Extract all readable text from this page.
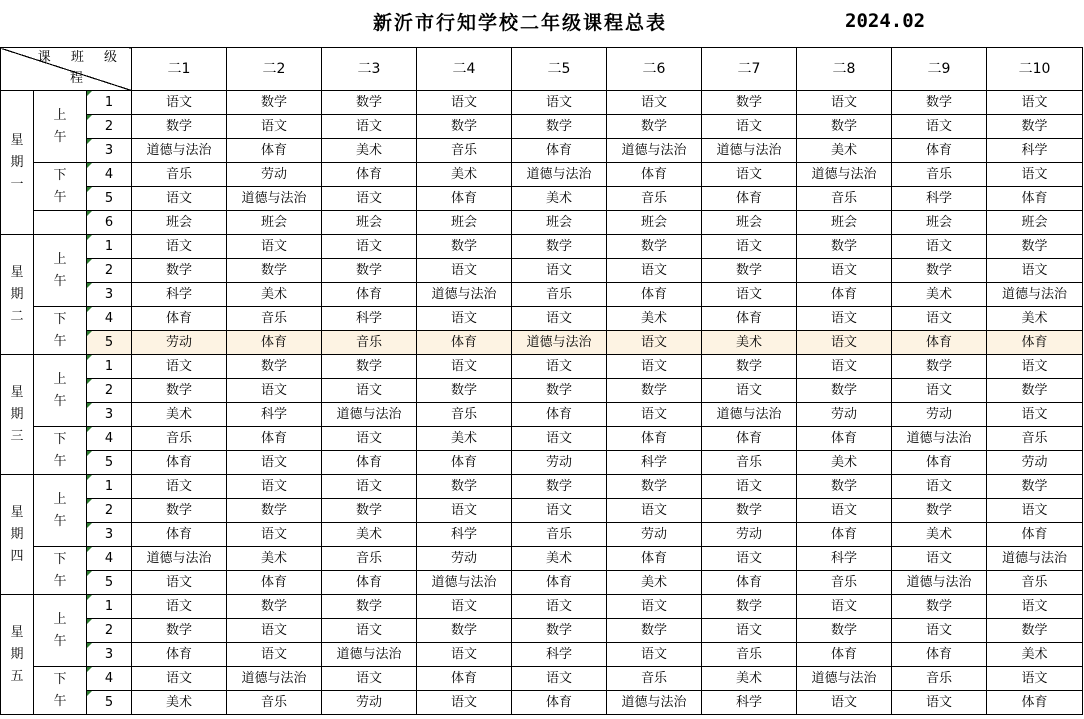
新沂市行知学校二年级课程总表	2024.02
课 班 级
程			二1	二2	二3	二4	二5	二6	二7	二8	二9	二10
星期一	上午	1	语文	数学	数学	语文	语文	语文	数学	语文	数学	语文
		2	数学	语文	语文	数学	数学	数学	语文	数学	语文	数学
		3	道德与法治	体育	美术	音乐	体育	道德与法治	道德与法治	美术	体育	科学
	下午	4	音乐	劳动	体育	美术	道德与法治	体育	语文	道德与法治	音乐	语文
		5	语文	道德与法治	语文	体育	美术	音乐	体育	音乐	科学	体育
		6	班会	班会	班会	班会	班会	班会	班会	班会	班会	班会
星期二	上午	1	语文	语文	语文	数学	数学	数学	语文	数学	语文	数学
		2	数学	数学	数学	语文	语文	语文	数学	语文	数学	语文
		3	科学	美术	体育	道德与法治	音乐	体育	语文	体育	美术	道德与法治
	下午	4	体育	音乐	科学	语文	语文	美术	体育	语文	语文	美术
		5	劳动	体育	音乐	体育	道德与法治	语文	美术	语文	体育	体育
星期三	上午	1	语文	数学	数学	语文	语文	语文	数学	语文	数学	语文
		2	数学	语文	语文	数学	数学	数学	语文	数学	语文	数学
		3	美术	科学	道德与法治	音乐	体育	语文	道德与法治	劳动	劳动	语文
	下午	4	音乐	体育	语文	美术	语文	体育	体育	体育	道德与法治	音乐
		5	体育	语文	体育	体育	劳动	科学	音乐	美术	体育	劳动
星期四	上午	1	语文	语文	语文	数学	数学	数学	语文	数学	语文	数学
		2	数学	数学	数学	语文	语文	语文	数学	语文	数学	语文
		3	体育	语文	美术	科学	音乐	劳动	劳动	体育	美术	体育
	下午	4	道德与法治	美术	音乐	劳动	美术	体育	语文	科学	语文	道德与法治
		5	语文	体育	体育	道德与法治	体育	美术	体育	音乐	道德与法治	音乐
星期五	上午	1	语文	数学	数学	语文	语文	语文	数学	语文	数学	语文
		2	数学	语文	语文	数学	数学	数学	语文	数学	语文	数学
		3	体育	语文	道德与法治	语文	科学	语文	音乐	体育	体育	美术
	下午	4	语文	道德与法治	语文	体育	语文	音乐	美术	道德与法治	音乐	语文
		5	美术	音乐	劳动	语文	体育	道德与法治	科学	语文	语文	体育
